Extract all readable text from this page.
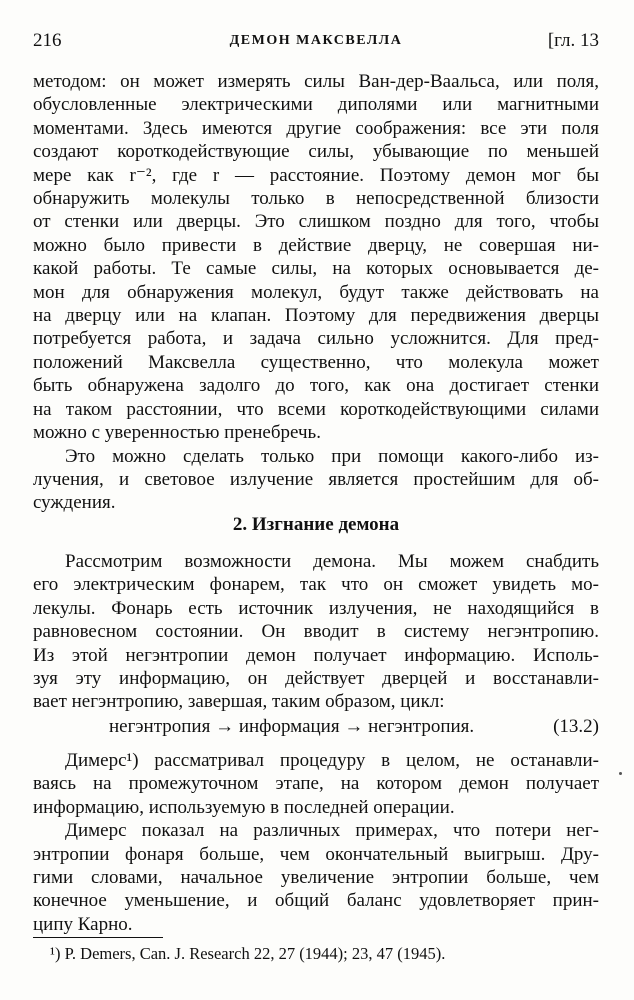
216	ДЕМОН МАКСВЕЛЛА	[гл. 13
методом: он может измерять силы Ван-дер-Ваальса, или поля,
обусловленные электрическими диполями или магнитными
моментами. Здесь имеются другие соображения: все эти поля
создают короткодействующие силы, убывающие по меньшей
мере как r⁻², где r — расстояние. Поэтому демон мог бы
обнаружить молекулы только в непосредственной близости
от стенки или дверцы. Это слишком поздно для того, чтобы
можно было привести в действие дверцу, не совершая ни-
какой работы. Те самые силы, на которых основывается де-
мон для обнаружения молекул, будут также действовать на
на дверцу или на клапан. Поэтому для передвижения дверцы
потребуется работа, и задача сильно усложнится. Для пред-
положений Максвелла существенно, что молекула может
быть обнаружена задолго до того, как она достигает стенки
на таком расстоянии, что всеми короткодействующими силами
можно с уверенностью пренебречь.
Это можно сделать только при помощи какого-либо из-
лучения, и световое излучение является простейшим для об-
суждения.
2. Изгнание демона
Рассмотрим возможности демона. Мы можем снабдить
его электрическим фонарем, так что он сможет увидеть мо-
лекулы. Фонарь есть источник излучения, не находящийся в
равновесном состоянии. Он вводит в систему негэнтропию.
Из этой негэнтропии демон получает информацию. Исполь-
зуя эту информацию, он действует дверцей и восстанавли-
вает негэнтропию, завершая, таким образом, цикл:
негэнтропия → информация → негэнтропия.	(13.2)
Димерс¹) рассматривал процедуру в целом, не останавли-
ваясь на промежуточном этапе, на котором демон получает
информацию, используемую в последней операции.
Димерс показал на различных примерах, что потери нег-
энтропии фонаря больше, чем окончательный выигрыш. Дру-
гими словами, начальное увеличение энтропии больше, чем
конечное уменьшение, и общий баланс удовлетворяет прин-
ципу Карно.
¹) P. Demers, Can. J. Research 22, 27 (1944); 23, 47 (1945).
